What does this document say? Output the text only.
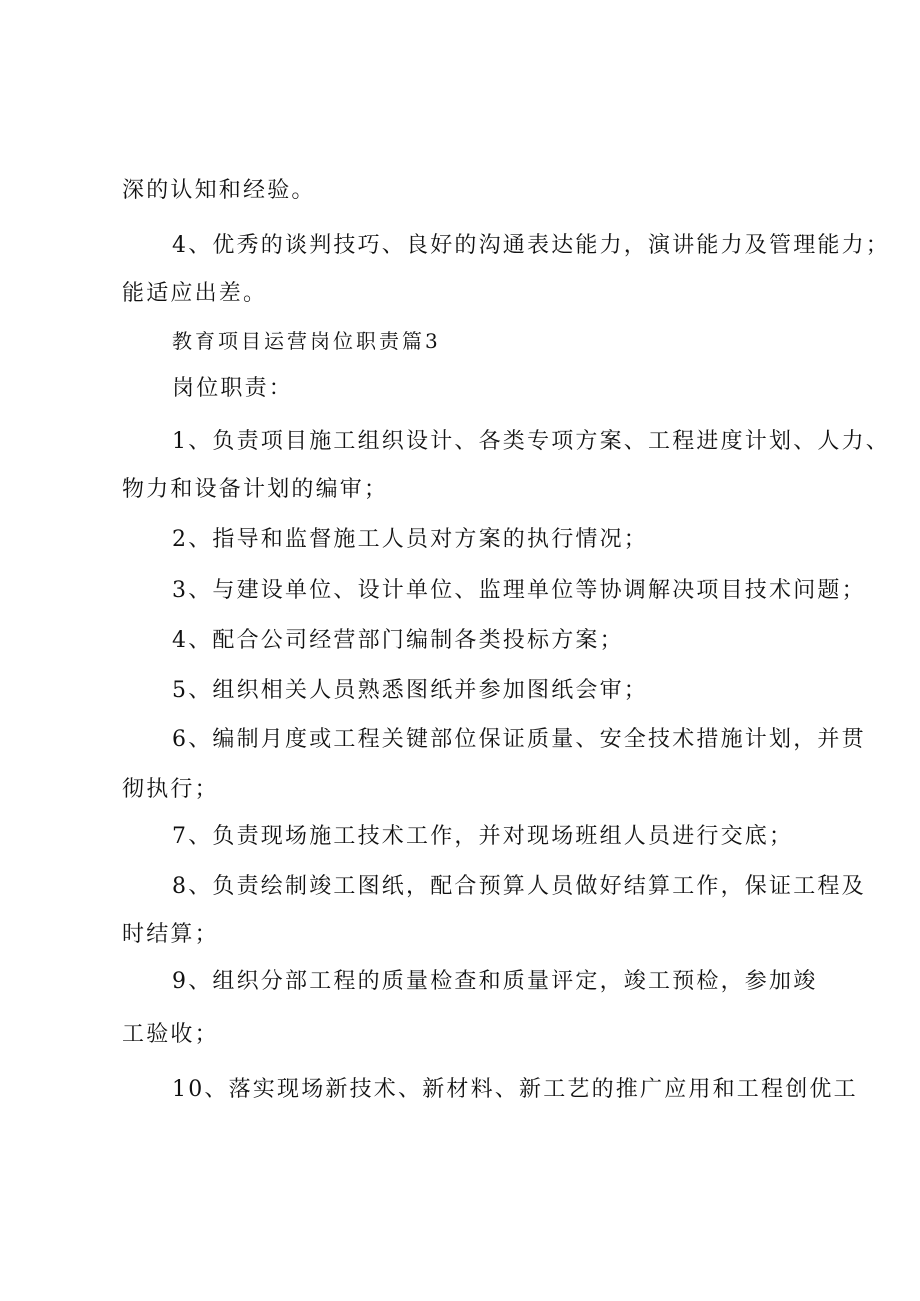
深的认知和经验。

4、优秀的谈判技巧、良好的沟通表达能力，演讲能力及管理能力；

能适应出差。

教育项目运营岗位职责篇3

岗位职责：

1、负责项目施工组织设计、各类专项方案、工程进度计划、人力、

物力和设备计划的编审；

2、指导和监督施工人员对方案的执行情况；

3、与建设单位、设计单位、监理单位等协调解决项目技术问题；

4、配合公司经营部门编制各类投标方案；

5、组织相关人员熟悉图纸并参加图纸会审；

6、编制月度或工程关键部位保证质量、安全技术措施计划，并贯

彻执行；

7、负责现场施工技术工作，并对现场班组人员进行交底；

8、负责绘制竣工图纸，配合预算人员做好结算工作，保证工程及

时结算；

9、组织分部工程的质量检查和质量评定，竣工预检，参加竣

工验收；

10、落实现场新技术、新材料、新工艺的推广应用和工程创优工
